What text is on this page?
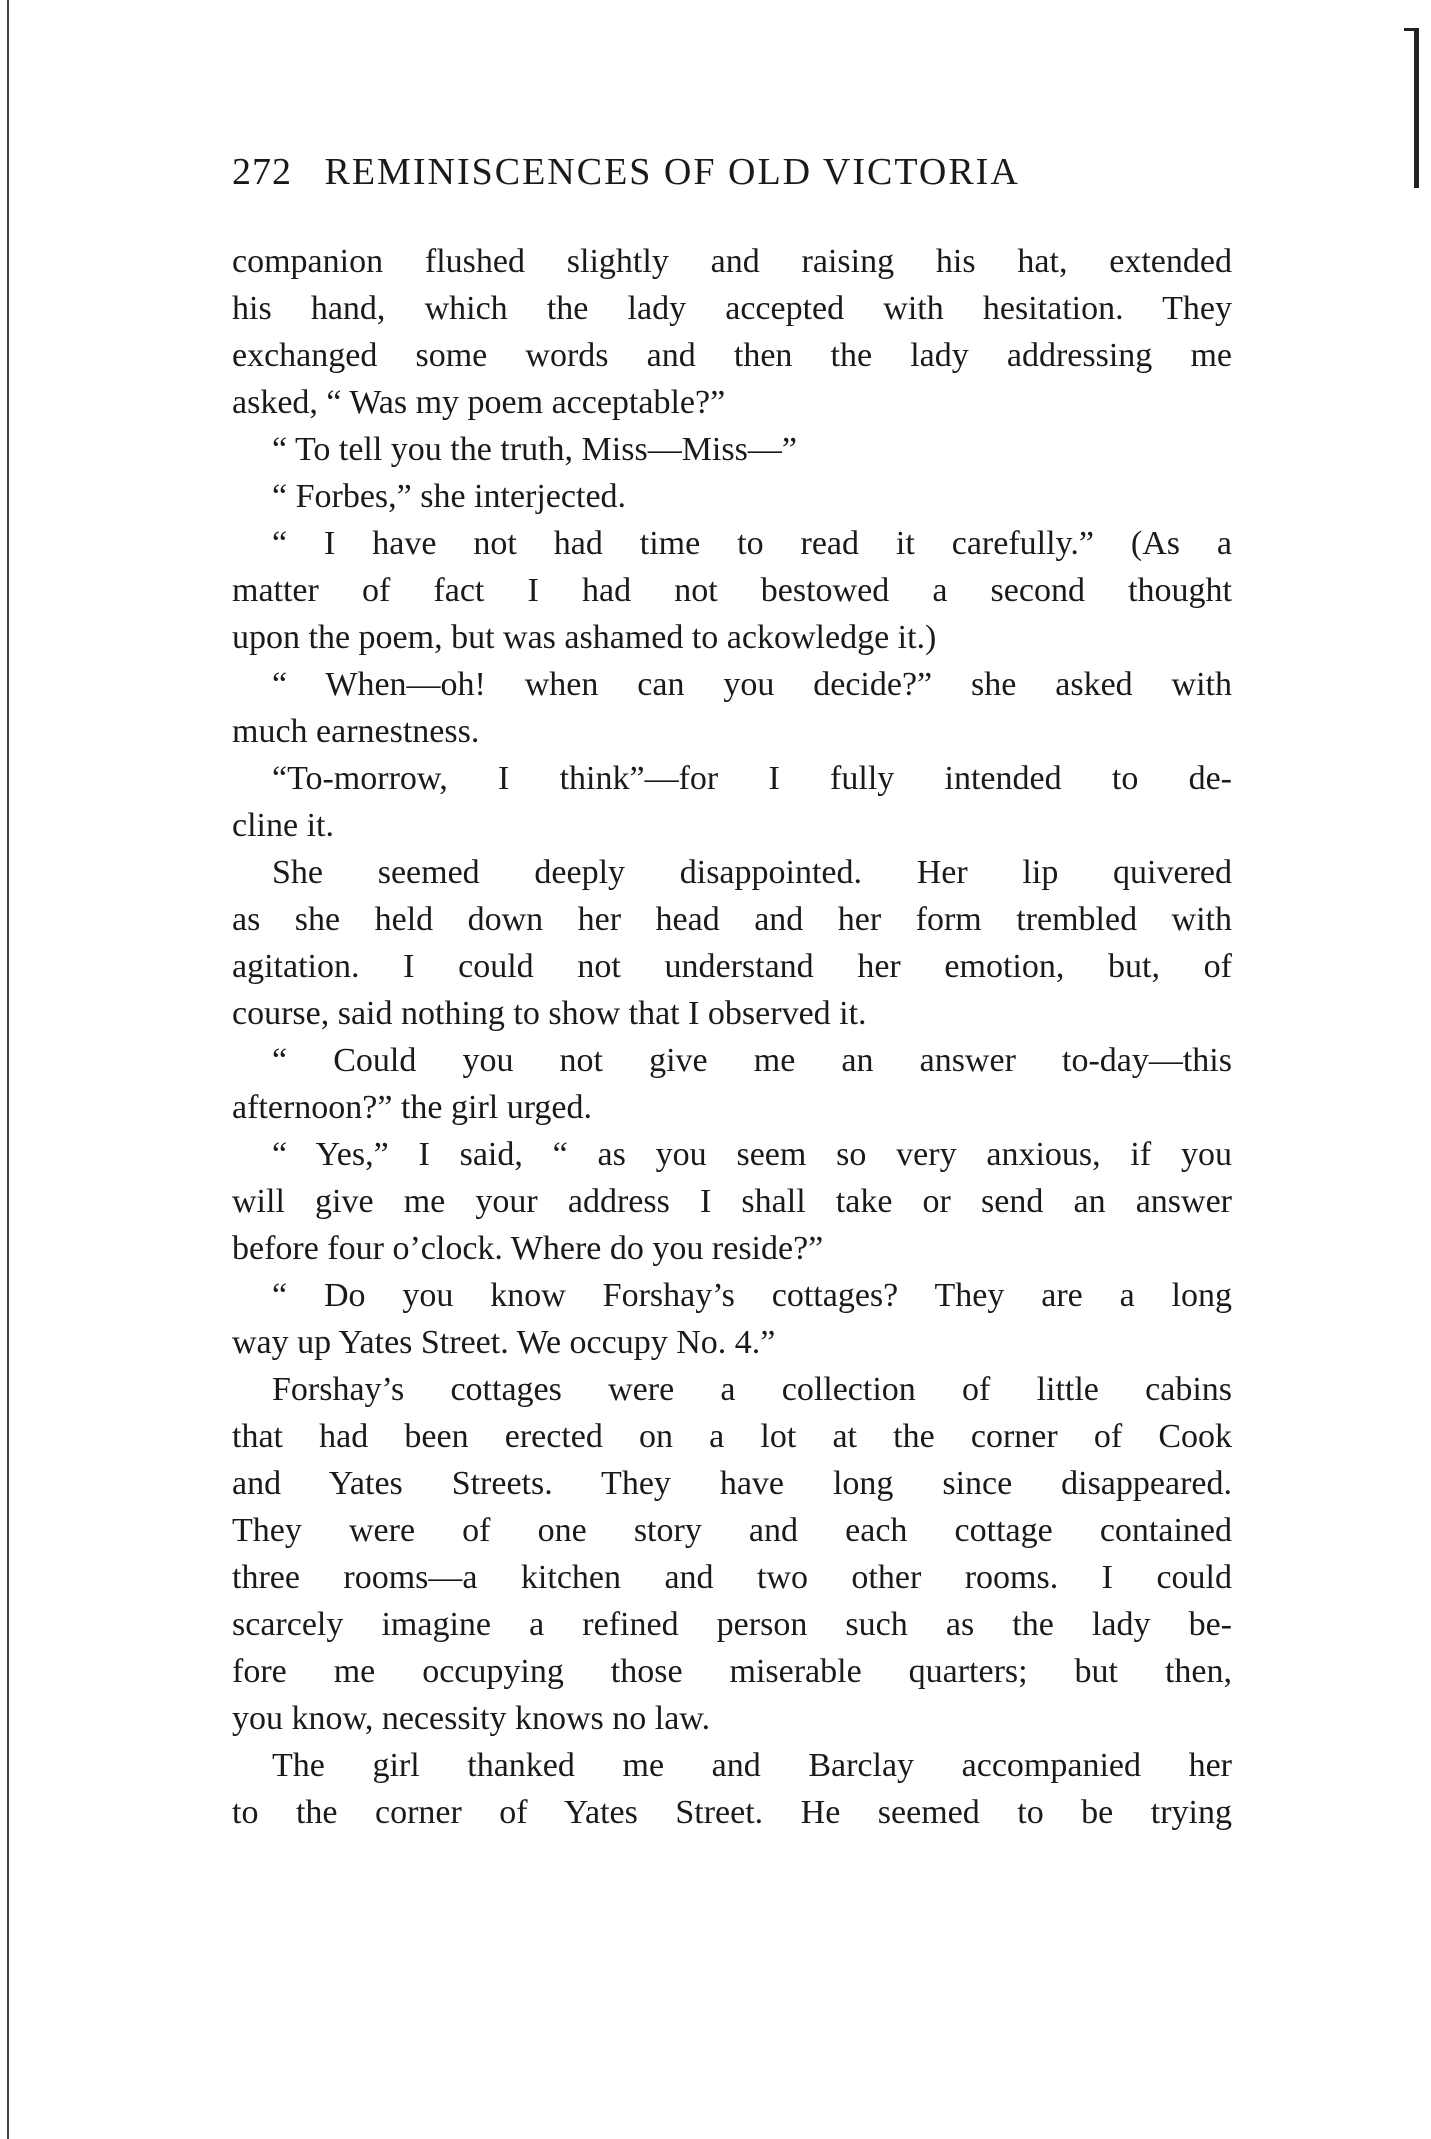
272 REMINISCENCES OF OLD VICTORIA
companion flushed slightly and raising his hat, extended
his hand, which the lady accepted with hesitation. They
exchanged some words and then the lady addressing me
asked, “ Was my poem acceptable?”
“ To tell you the truth, Miss—Miss—”
“ Forbes,” she interjected.
“ I have not had time to read it carefully.” (As a
matter of fact I had not bestowed a second thought
upon the poem, but was ashamed to ackowledge it.)
“ When—oh! when can you decide?” she asked with
much earnestness.
“To-morrow, I think”—for I fully intended to de-
cline it.
She seemed deeply disappointed. Her lip quivered
as she held down her head and her form trembled with
agitation. I could not understand her emotion, but, of
course, said nothing to show that I observed it.
“ Could you not give me an answer to-day—this
afternoon?” the girl urged.
“ Yes,” I said, “ as you seem so very anxious, if you
will give me your address I shall take or send an answer
before four o’clock. Where do you reside?”
“ Do you know Forshay’s cottages? They are a long
way up Yates Street. We occupy No. 4.”
Forshay’s cottages were a collection of little cabins
that had been erected on a lot at the corner of Cook
and Yates Streets. They have long since disappeared.
They were of one story and each cottage contained
three rooms—a kitchen and two other rooms. I could
scarcely imagine a refined person such as the lady be-
fore me occupying those miserable quarters; but then,
you know, necessity knows no law.
The girl thanked me and Barclay accompanied her
to the corner of Yates Street. He seemed to be trying
